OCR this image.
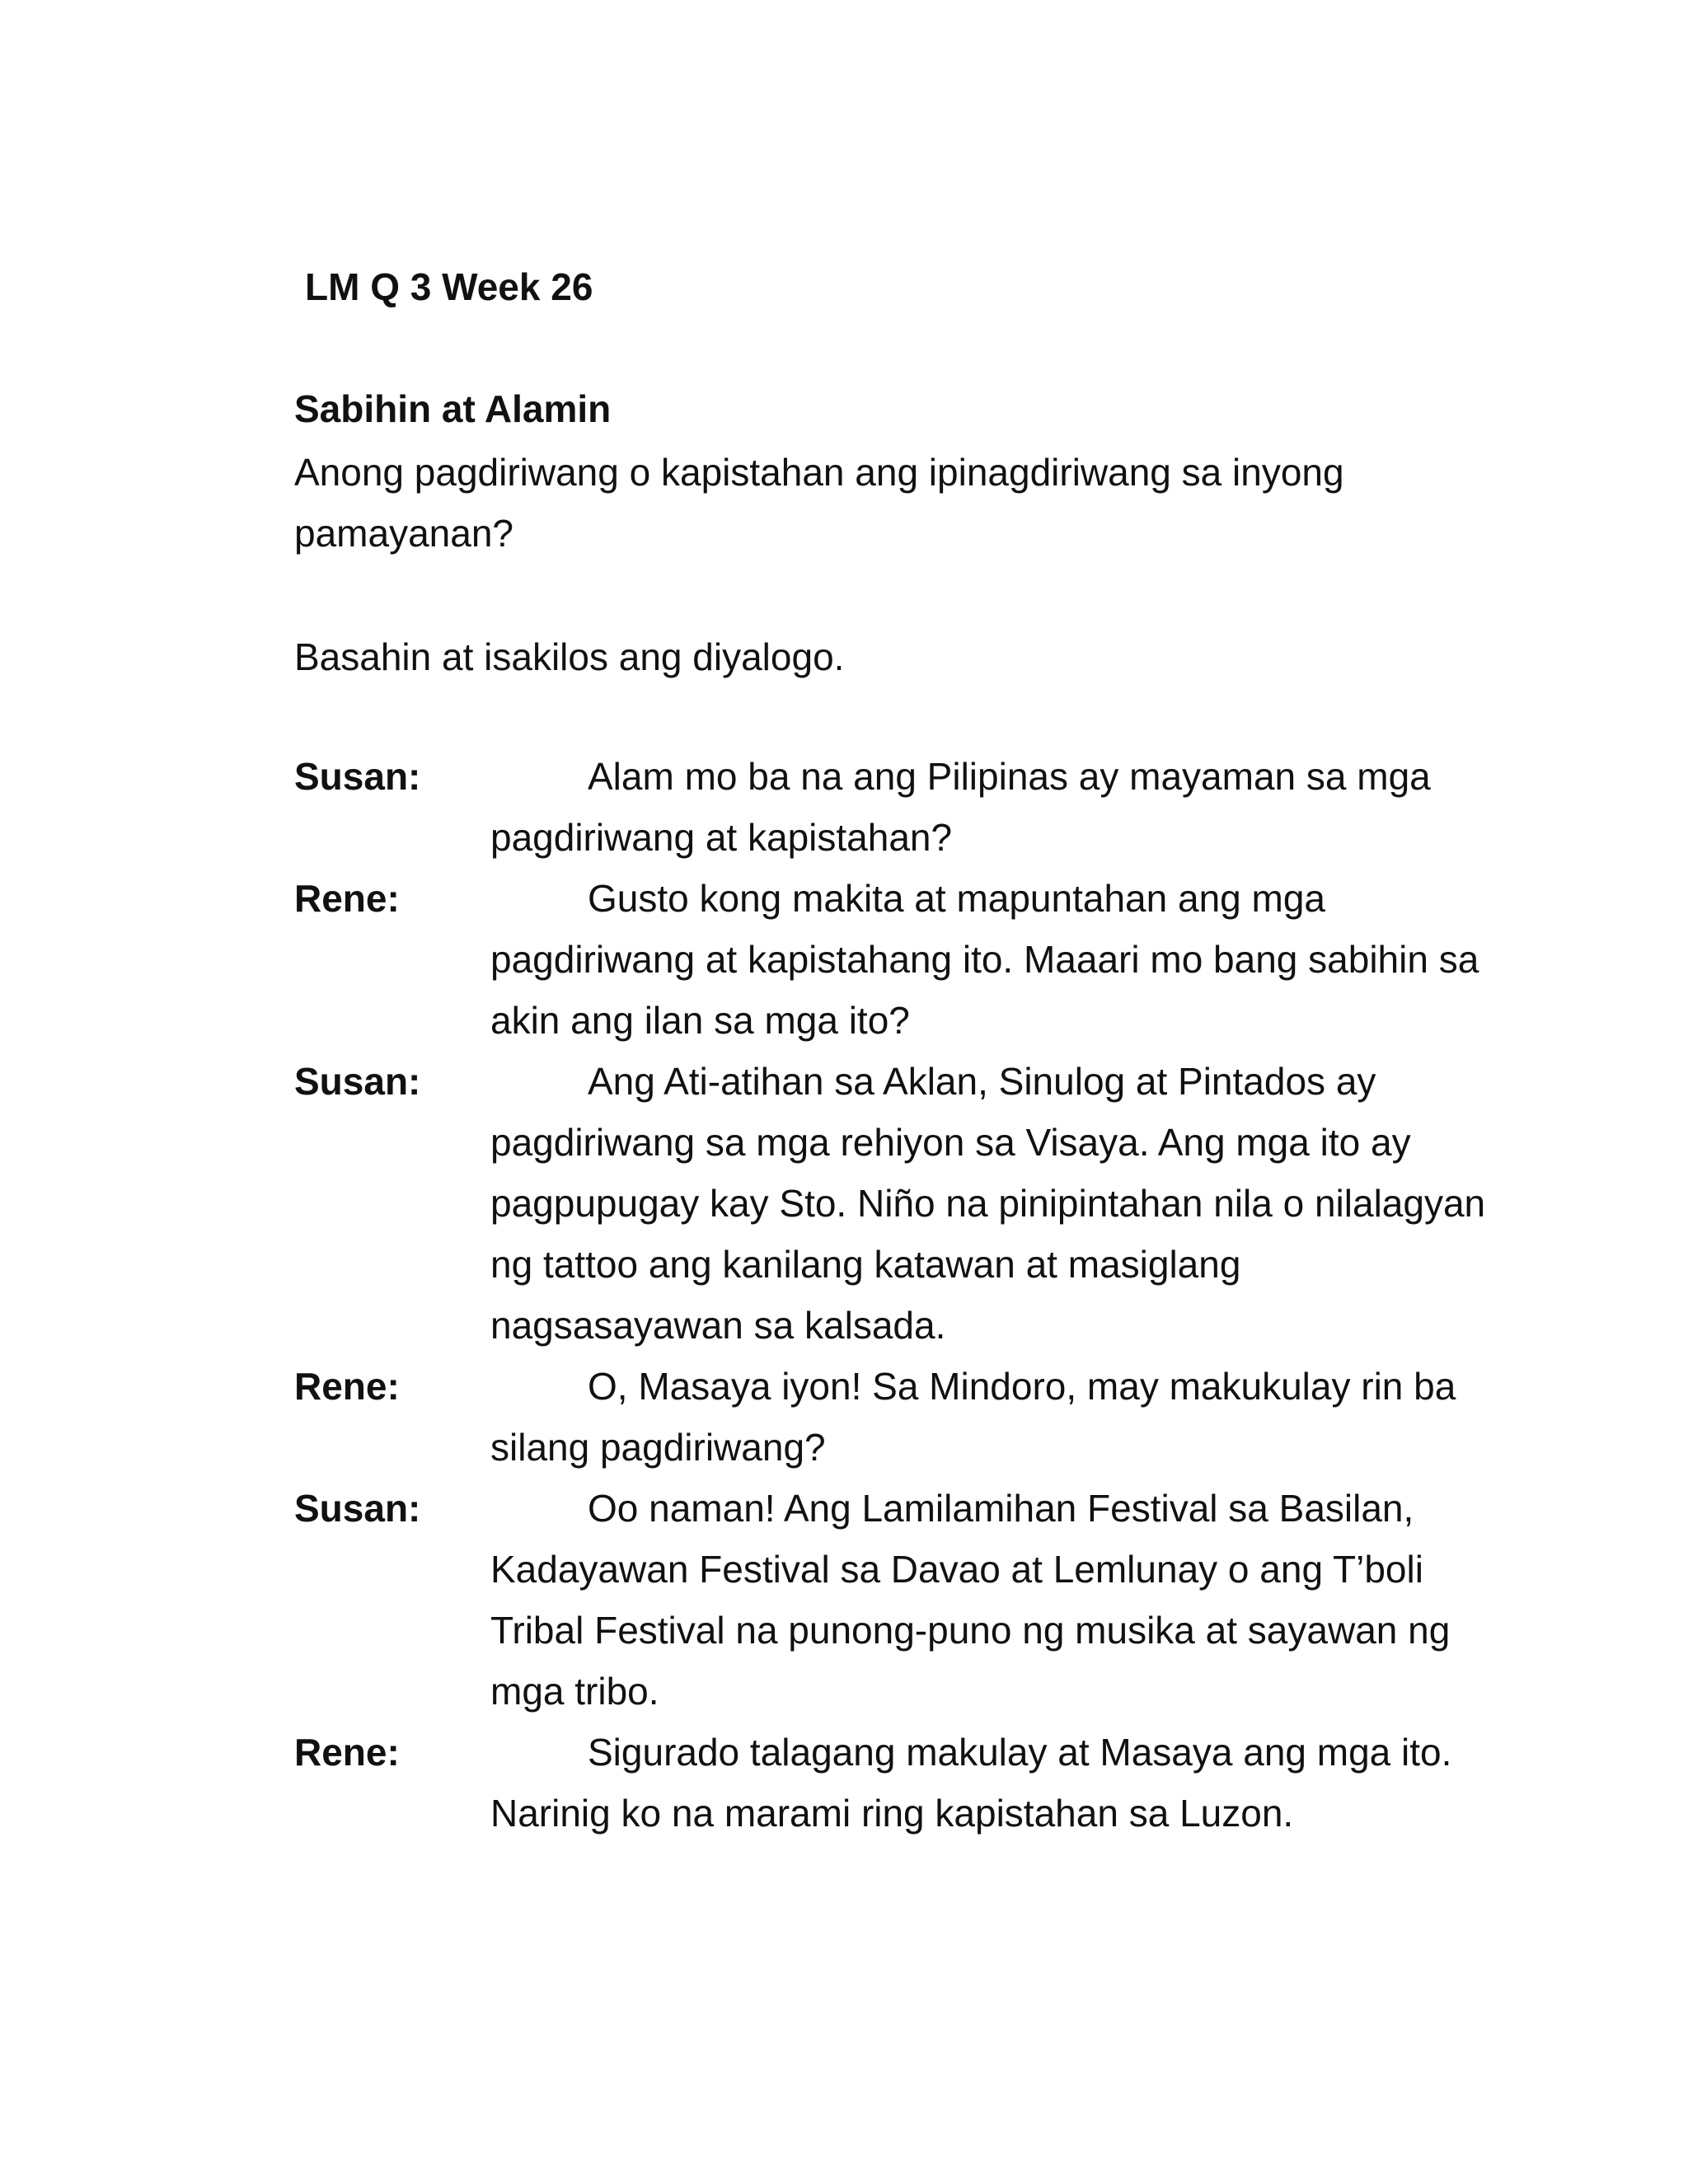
LM Q 3 Week 26
Sabihin at Alamin

Anong pagdiriwang o kapistahan ang ipinagdiriwang sa inyong pamayanan?

Basahin at isakilos ang diyalogo.
Susan:	Alam mo ba na ang Pilipinas ay mayaman sa mga pagdiriwang at kapistahan?
Rene:	Gusto kong makita at mapuntahan ang mga pagdiriwang at kapistahang ito. Maaari mo bang sabihin sa akin ang ilan sa mga ito?
Susan:	Ang Ati-atihan sa Aklan, Sinulog at Pintados ay pagdiriwang sa mga rehiyon sa Visaya. Ang mga ito ay pagpupugay kay Sto. Niño na pinipintahan nila o nilalagyan ng tattoo ang kanilang katawan at masiglang nagsasayawan sa kalsada.
Rene:	O, Masaya iyon! Sa Mindoro, may makukulay rin ba silang pagdiriwang?
Susan:	Oo naman! Ang Lamilamihan Festival sa Basilan, Kadayawan Festival sa Davao at Lemlunay o ang T’boli Tribal Festival na punong-puno ng musika at sayawan ng mga tribo.
Rene:	Sigurado talagang makulay at Masaya ang mga ito. Narinig ko na marami ring kapistahan sa Luzon.
